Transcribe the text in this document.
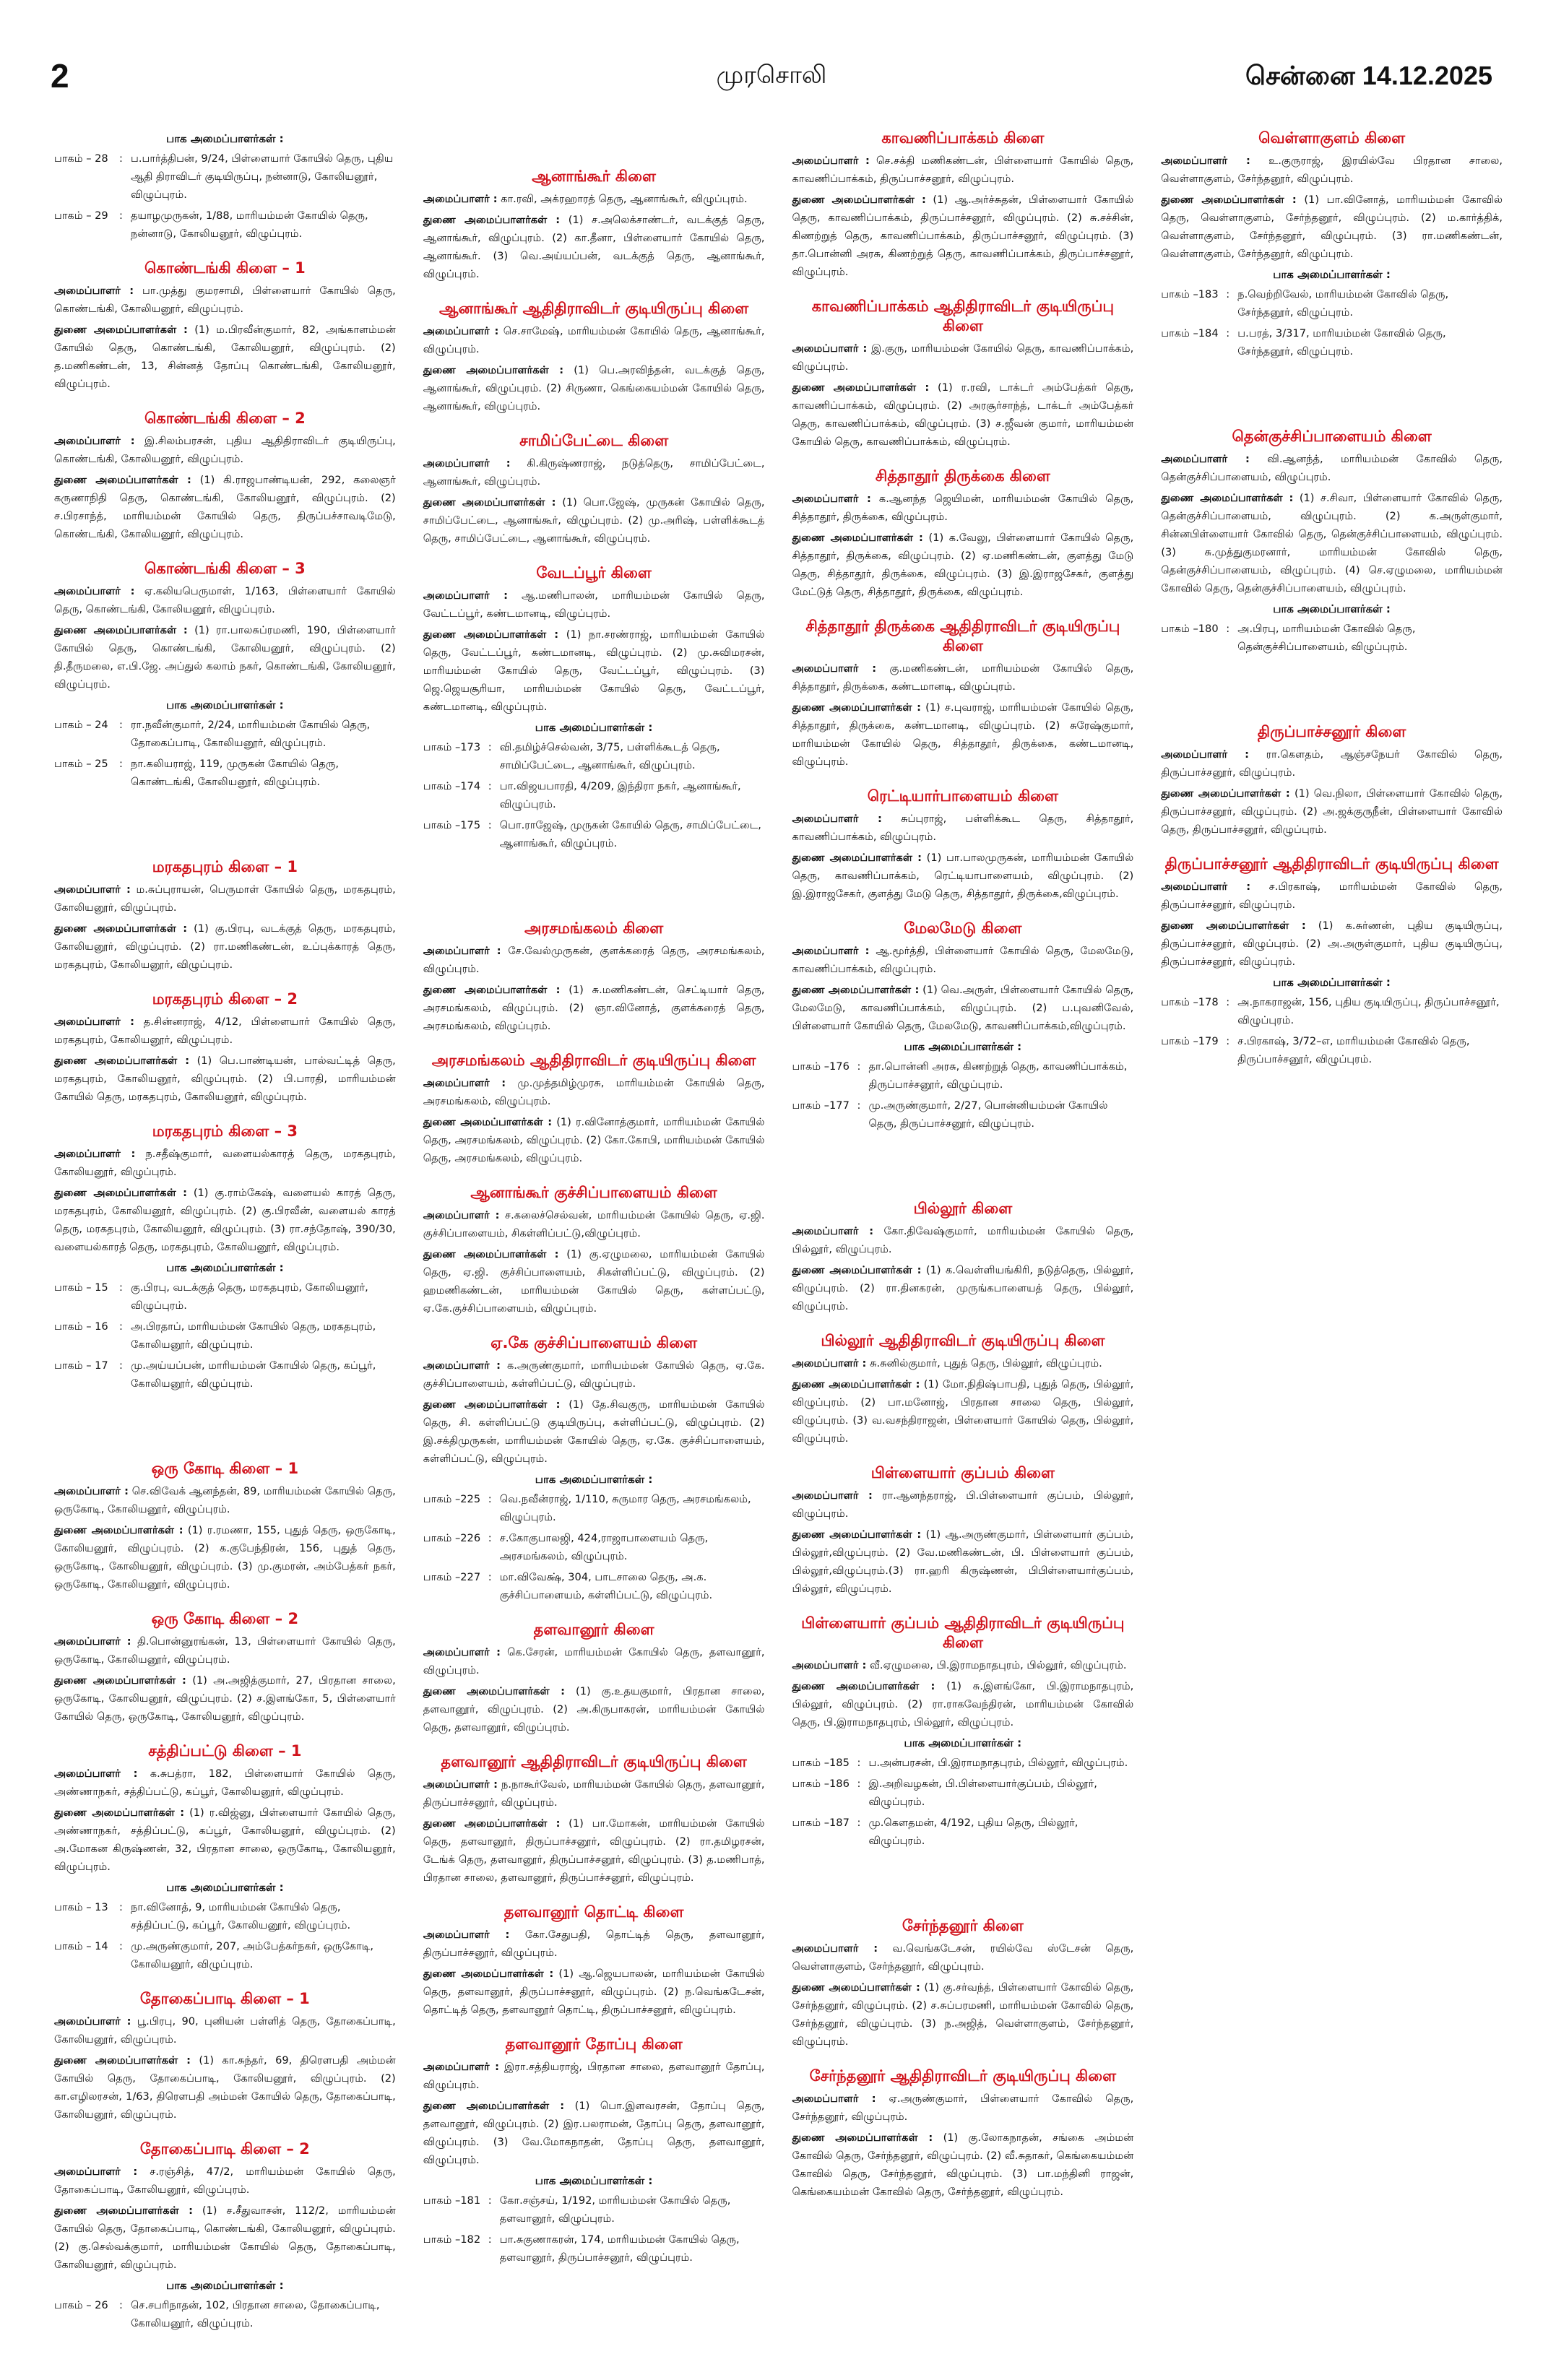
2	முரசொலி	சென்னை 14.12.2025
பாக அமைப்பாளர்கள் :
பாகம் – 28	: ப.பார்த்திபன், 9/24, பிள்ளையார் கோயில் தெரு, புதிய ஆதி திராவிடர் குடியிருப்பு, நன்னாடு, கோலியனூர், விழுப்புரம்.
பாகம் – 29	: தயாழமுருகன், 1/88, மாரியம்மன் கோயில் தெரு, நன்னாடு, கோலியனூர், விழுப்புரம்.
கொண்டங்கி கிளை – 1
அமைப்பாளர் : பா.முத்து குமரசாமி, பிள்ளையார் கோயில் தெரு, கொண்டங்கி, கோலியனூர், விழுப்புரம்.
துணை அமைப்பாளர்கள் : (1) ம.பிரவீன்குமார், 82, அங்காளம்மன் கோயில் தெரு, கொண்டங்கி, கோலியனூர், விழுப்புரம். (2) த.மணிகண்டன், 13, சின்னத் தோப்பு கொண்டங்கி, கோலியனூர், விழுப்புரம்.
கொண்டங்கி கிளை – 2
அமைப்பாளர் : இ.சிலம்பரசன், புதிய ஆதிதிராவிடர் குடியிருப்பு, கொண்டங்கி, கோலியனூர், விழுப்புரம்.
துணை அமைப்பாளர்கள் : (1) கி.ராஜபாண்டியன், 292, கலைஞர் கருணாநிதி தெரு, கொண்டங்கி, கோலியனூர், விழுப்புரம். (2) ச.பிரசாந்த், மாரியம்மன் கோயில் தெரு, திருப்பச்சாவடிமேடு, கொண்டங்கி, கோலியனூர், விழுப்புரம்.
கொண்டங்கி கிளை – 3
அமைப்பாளர் : ஏ.கலியபெருமாள், 1/163, பிள்ளையார் கோயில் தெரு, கொண்டங்கி, கோலியனூர், விழுப்புரம்.
துணை அமைப்பாளர்கள் : (1) ரா.பாலசுப்ரமணி, 190, பிள்ளையார் கோயில் தெரு, கொண்டங்கி, கோலியனூர், விழுப்புரம். (2) தி.தீருமலை, எ.பி.ஜே. அப்துல் கலாம் நகர், கொண்டங்கி, கோலியனூர், விழுப்புரம்.
பாக அமைப்பாளர்கள் :
பாகம் – 24	: ரா.நவீன்குமார், 2/24, மாரியம்மன் கோயில் தெரு, தோகைப்பாடி, கோலியனூர், விழுப்புரம்.
பாகம் – 25	: நா.கலியராஜ், 119, முருகன் கோயில் தெரு, கொண்டங்கி, கோலியனூர், விழுப்புரம்.
மரகதபுரம் கிளை – 1
அமைப்பாளர் : ம.சுப்புராயன், பெருமாள் கோயில் தெரு, மரகதபுரம், கோலியனூர், விழுப்புரம்.
துணை அமைப்பாளர்கள் : (1) கு.பிரபு, வடக்குத் தெரு, மரகதபுரம், கோலியனூர், விழுப்புரம். (2) ரா.மணிகண்டன், உப்புக்காரத் தெரு, மரகதபுரம், கோலியனூர், விழுப்புரம்.
மரகதபுரம் கிளை – 2
அமைப்பாளர் : த.சின்னராஜ், 4/12, பிள்ளையார் கோயில் தெரு, மரகதபுரம், கோலியனூர், விழுப்புரம்.
துணை அமைப்பாளர்கள் : (1) பெ.பாண்டியன், பால்வட்டித் தெரு, மரகதபுரம், கோலியனூர், விழுப்புரம். (2) பி.பாரதி, மாரியம்மன் கோயில் தெரு, மரகதபுரம், கோலியனூர், விழுப்புரம்.
மரகதபுரம் கிளை – 3
அமைப்பாளர் : ந.சதீஷ்குமார், வளையல்காரத் தெரு, மரகதபுரம், கோலியனூர், விழுப்புரம்.
துணை அமைப்பாளர்கள் : (1) கு.ராம்கேஷ், வளையல் காரத் தெரு, மரகதபுரம், கோலியனூர், விழுப்புரம். (2) கு.பிரவீன், வளையல் காரத் தெரு, மரகதபுரம், கோலியனூர், விழுப்புரம். (3) ரா.சந்தோஷ், 390/30, வளையல்காரத் தெரு, மரகதபுரம், கோலியனூர், விழுப்புரம்.
பாக அமைப்பாளர்கள் :
பாகம் – 15	: கு.பிரபு, வடக்குத் தெரு, மரகதபுரம், கோலியனூர், விழுப்புரம்.
பாகம் – 16	: அ.பிரதாப், மாரியம்மன் கோயில் தெரு, மரகதபுரம், கோலியனூர், விழுப்புரம்.
பாகம் – 17	: மு.அய்யப்பன், மாரியம்மன் கோயில் தெரு, கப்பூர், கோலியனூர், விழுப்புரம்.
ஒரு கோடி கிளை – 1
அமைப்பாளர் : செ.விவேக் ஆனந்தன், 89, மாரியம்மன் கோயில் தெரு, ஒருகோடி, கோலியனூர், விழுப்புரம்.
துணை அமைப்பாளர்கள் : (1) ர.ரமணா, 155, புதுத் தெரு, ஒருகோடி, கோலியனூர், விழுப்புரம். (2) க.குபேந்திரன், 156, புதுத் தெரு, ஒருகோடி, கோலியனூர், விழுப்புரம். (3) மு.குமரன், அம்பேத்கர் நகர், ஒருகோடி, கோலியனூர், விழுப்புரம்.
ஒரு கோடி கிளை – 2
அமைப்பாளர் : தி.பொன்னுரங்கன், 13, பிள்ளையார் கோயில் தெரு, ஒருகோடி, கோலியனூர், விழுப்புரம்.
துணை அமைப்பாளர்கள் : (1) அ.அஜித்குமார், 27, பிரதான சாலை, ஒருகோடி, கோலியனூர், விழுப்புரம். (2) ச.இளங்கோ, 5, பிள்ளையார் கோயில் தெரு, ஒருகோடி, கோலியனூர், விழுப்புரம்.
சத்திப்பட்டு கிளை – 1
அமைப்பாளர் : க.சுபத்ரா, 182, பிள்ளையார் கோயில் தெரு, அண்ணாநகர், சத்திப்பட்டு, கப்பூர், கோலியனூர், விழுப்புரம்.
துணை அமைப்பாளர்கள் : (1) ர.விஜ்னு, பிள்ளையார் கோயில் தெரு, அண்ணாநகர், சத்திப்பட்டு, கப்பூர், கோலியனூர், விழுப்புரம். (2) அ.மோகன கிருஷ்ணன், 32, பிரதான சாலை, ஒருகோடி, கோலியனூர், விழுப்புரம்.
பாக அமைப்பாளர்கள் :
பாகம் – 13	: நா.வினோத், 9, மாரியம்மன் கோயில் தெரு, சத்திப்பட்டு, கப்பூர், கோலியனூர், விழுப்புரம்.
பாகம் – 14	: மு.அருண்குமார், 207, அம்பேத்கர்நகர், ஒருகோடி, கோலியனூர், விழுப்புரம்.
தோகைப்பாடி கிளை – 1
அமைப்பாளர் : பூ.பிரபு, 90, புனியன் பள்ளித் தெரு, தோகைப்பாடி, கோலியனூர், விழுப்புரம்.
துணை அமைப்பாளர்கள் : (1) கா.சுந்தர், 69, திரௌபதி அம்மன் கோயில் தெரு, தோகைப்பாடி, கோலியனூர், விழுப்புரம். (2) கா.எழிலரசன், 1/63, திரௌபதி அம்மன் கோயில் தெரு, தோகைப்பாடி, கோலியனூர், விழுப்புரம்.
தோகைப்பாடி கிளை – 2
அமைப்பாளர் : ச.ரஞ்சித், 47/2, மாரியம்மன் கோயில் தெரு, தோகைப்பாடி, கோலியனூர், விழுப்புரம்.
துணை அமைப்பாளர்கள் : (1) ச.சீதுவாசன், 112/2, மாரியம்மன் கோயில் தெரு, தோகைப்பாடி, கொண்டங்கி, கோலியனூர், விழுப்புரம். (2) கு.செல்வக்குமார், மாரியம்மன் கோயில் தெரு, தோகைப்பாடி, கோலியனூர், விழுப்புரம்.
பாக அமைப்பாளர்கள் :
பாகம் – 26	: செ.சபரிநாதன், 102, பிரதான சாலை, தோகைப்பாடி, கோலியனூர், விழுப்புரம்.
ஆனாங்கூர் கிளை
அமைப்பாளர் : கா.ரவி, அக்ரஹாரத் தெரு, ஆனாங்கூர், விழுப்புரம்.
துணை அமைப்பாளர்கள் : (1) ச.அலெக்சாண்டர், வடக்குத் தெரு, ஆனாங்கூர், விழுப்புரம். (2) கா.தீனா, பிள்ளையார் கோயில் தெரு, ஆனாங்கூர். (3) வெ.அய்யப்பன், வடக்குத் தெரு, ஆனாங்கூர், விழுப்புரம்.
ஆனாங்கூர் ஆதிதிராவிடர் குடியிருப்பு கிளை
அமைப்பாளர் : செ.சாமேஷ், மாரியம்மன் கோயில் தெரு, ஆனாங்கூர், விழுப்புரம்.
துணை அமைப்பாளர்கள் : (1) பெ.அரவிந்தன், வடக்குத் தெரு, ஆனாங்கூர், விழுப்புரம். (2) சிருணா, கெங்கையம்மன் கோயில் தெரு, ஆனாங்கூர், விழுப்புரம்.
சாமிப்பேட்டை கிளை
அமைப்பாளர் : கி.கிருஷ்ணராஜ், நடுத்தெரு, சாமிப்பேட்டை, ஆனாங்கூர், விழுப்புரம்.
துணை அமைப்பாளர்கள் : (1) பொ.ஜேஷ், முருகன் கோயில் தெரு, சாமிப்பேட்டை, ஆனாங்கூர், விழுப்புரம். (2) மு.அரிஷ், பள்ளிக்கூடத் தெரு, சாமிப்பேட்டை, ஆனாங்கூர், விழுப்புரம்.
வேடப்பூர் கிளை
அமைப்பாளர் : ஆ.மணிபாலன், மாரியம்மன் கோயில் தெரு, வேட்டப்பூர், கண்டமானடி, விழுப்புரம்.
துணை அமைப்பாளர்கள் : (1) நா.சரண்ராஜ், மாரியம்மன் கோயில் தெரு, வேட்டப்பூர், கண்டமானடி, விழுப்புரம். (2) மு.சுவிமரசன், மாரியம்மன் கோயில் தெரு, வேட்டப்பூர், விழுப்புரம். (3) ஜெ.ஜெயசூரியா, மாரியம்மன் கோயில் தெரு, வேட்டப்பூர், கண்டமானடி, விழுப்புரம்.
பாக அமைப்பாளர்கள் :
பாகம் –173 : வி.தமிழ்ச்செல்வன், 3/75, பள்ளிக்கூடத் தெரு, சாமிப்பேட்டை, ஆனாங்கூர், விழுப்புரம்.
பாகம் –174 : பா.விஜயபாரதி, 4/209, இந்திரா நகர், ஆனாங்கூர், விழுப்புரம்.
பாகம் –175 : பொ.ராஜேஷ், முருகன் கோயில் தெரு, சாமிப்பேட்டை, ஆனாங்கூர், விழுப்புரம்.
அரசமங்கலம் கிளை
அமைப்பாளர் : சே.வேல்முருகன், குளக்கரைத் தெரு, அரசமங்கலம், விழுப்புரம்.
துணை அமைப்பாளர்கள் : (1) சு.மணிகண்டன், செட்டியார் தெரு, அரசமங்கலம், விழுப்புரம். (2) ஞா.வினோத், குளக்கரைத் தெரு, அரசமங்கலம், விழுப்புரம்.
அரசமங்கலம் ஆதிதிராவிடர் குடியிருப்பு கிளை
அமைப்பாளர் : மு.முத்தமிழ்முரசு, மாரியம்மன் கோயில் தெரு, அரசமங்கலம், விழுப்புரம்.
துணை அமைப்பாளர்கள் : (1) ர.வினோத்குமார், மாரியம்மன் கோயில் தெரு, அரசமங்கலம், விழுப்புரம். (2) கோ.கோபி, மாரியம்மன் கோயில் தெரு, அரசமங்கலம், விழுப்புரம்.
ஆனாங்கூர் குச்சிப்பாளையம் கிளை
அமைப்பாளர் : ச.கலைச்செல்வன், மாரியம்மன் கோயில் தெரு, ஏ.ஜி. குச்சிப்பாளையம், சிகள்ளிப்பட்டு,விழுப்புரம்.
துணை அமைப்பாளர்கள் : (1) கு.ஏழுமலை, மாரியம்மன் கோயில் தெரு, ஏ.ஜி. குச்சிப்பாளையம், சிகள்ளிப்பட்டு, விழுப்புரம். (2) ஹமணிகண்டன், மாரியம்மன் கோயில் தெரு, கள்ளப்பட்டு, ஏ.கே.குச்சிப்பாளையம், விழுப்புரம்.
ஏ.கே குச்சிப்பாளையம் கிளை
அமைப்பாளர் : க.அருண்குமார், மாரியம்மன் கோயில் தெரு, ஏ.கே. குச்சிப்பாளையம், கள்ளிப்பட்டு, விழுப்புரம்.
துணை அமைப்பாளர்கள் : (1) தே.சிவகுரு, மாரியம்மன் கோயில் தெரு, சி. கள்ளிப்பட்டு குடியிருப்பு, கள்ளிப்பட்டு, விழுப்புரம். (2) இ.சக்திமுருகன், மாரியம்மன் கோயில் தெரு, ஏ.கே. குச்சிப்பாளையம், கள்ளிப்பட்டு, விழுப்புரம்.
பாக அமைப்பாளர்கள் :
பாகம் –225 : வெ.நவீன்ராஜ், 1/110, சுருமார தெரு, அரசமங்கலம், விழுப்புரம்.
பாகம் –226 : ச.கோகுபாலஜி, 424,ராஜாபாளையம் தெரு, அரசமங்கலம், விழுப்புரம்.
பாகம் –227 : மா.விவேக்ஷ், 304, பாடசாலை தெரு, அ.க. குச்சிப்பாளையம், கள்ளிப்பட்டு, விழுப்புரம்.
தளவானூர் கிளை
அமைப்பாளர் : கெ.சேரன், மாரியம்மன் கோயில் தெரு, தளவானூர், விழுப்புரம்.
துணை அமைப்பாளர்கள் : (1) கு.உதயகுமார், பிரதான சாலை, தளவானூர், விழுப்புரம். (2) அ.கிருபாகரன், மாரியம்மன் கோயில் தெரு, தளவானூர், விழுப்புரம்.
தளவானூர் ஆதிதிராவிடர் குடியிருப்பு கிளை
அமைப்பாளர் : ந.நாகூர்வேல், மாரியம்மன் கோயில் தெரு, தளவானூர், திருப்பாச்சனூர், விழுப்புரம்.
துணை அமைப்பாளர்கள் : (1) பா.மோகன், மாரியம்மன் கோயில் தெரு, தளவானூர், திருப்பாச்சனூர், விழுப்புரம். (2) ரா.தமிழரசன், டேங்க் தெரு, தளவானூர், திருப்பாச்சனூர், விழுப்புரம். (3) த.மணிபாத், பிரதான சாலை, தளவானூர், திருப்பாச்சனூர், விழுப்புரம்.
தளவானூர் தொட்டி கிளை
அமைப்பாளர் : கோ.சேதுபதி, தொட்டித் தெரு, தளவானூர், திருப்பாச்சனூர், விழுப்புரம்.
துணை அமைப்பாளர்கள் : (1) ஆ.ஜெயபாலன், மாரியம்மன் கோயில் தெரு, தளவானூர், திருப்பாச்சனூர், விழுப்புரம். (2) ந.வெங்கடேசன், தொட்டித் தெரு, தளவானூர் தொட்டி, திருப்பாச்சனூர், விழுப்புரம்.
தளவானூர் தோப்பு கிளை
அமைப்பாளர் : இரா.சத்தியராஜ், பிரதான சாலை, தளவானூர் தோப்பு, விழுப்புரம்.
துணை அமைப்பாளர்கள் : (1) பொ.இளவரசன், தோப்பு தெரு, தளவானூர், விழுப்புரம். (2) இர.பலராமன், தோப்பு தெரு, தளவானூர், விழுப்புரம். (3) வே.மோகநாதன், தோப்பு தெரு, தளவானூர், விழுப்புரம்.
பாக அமைப்பாளர்கள் :
பாகம் –181 : கோ.சஞ்சய், 1/192, மாரியம்மன் கோயில் தெரு, தளவானூர், விழுப்புரம்.
பாகம் –182 : பா.சுகுணாகரன், 174, மாரியம்மன் கோயில் தெரு, தளவானூர், திருப்பாச்சனூர், விழுப்புரம்.
காவணிப்பாக்கம் கிளை
அமைப்பாளர் : செ.சக்தி மணிகண்டன், பிள்ளையார் கோயில் தெரு, காவணிப்பாக்கம், திருப்பாச்சனூர், விழுப்புரம்.
துணை அமைப்பாளர்கள் : (1) ஆ.அர்ச்சுதன், பிள்ளையார் கோயில் தெரு, காவணிப்பாக்கம், திருப்பாச்சனூர், விழுப்புரம். (2) சு.சச்சின், கிணற்றுத் தெரு, காவணிப்பாக்கம், திருப்பாச்சனூர், விழுப்புரம். (3) தா.பொன்னி அரசு, கிணற்றுத் தெரு, காவணிப்பாக்கம், திருப்பாச்சனூர், விழுப்புரம்.
காவணிப்பாக்கம் ஆதிதிராவிடர் குடியிருப்பு கிளை
அமைப்பாளர் : இ.குரு, மாரியம்மன் கோயில் தெரு, காவணிப்பாக்கம், விழுப்புரம்.
துணை அமைப்பாளர்கள் : (1) ர.ரவி, டாக்டர் அம்பேத்கர் தெரு, காவணிப்பாக்கம், விழுப்புரம். (2) அரசூர்சாந்த், டாக்டர் அம்பேத்கர் தெரு, காவணிப்பாக்கம், விழுப்புரம். (3) ச.ஜீவன் குமார், மாரியம்மன் கோயில் தெரு, காவணிப்பாக்கம், விழுப்புரம்.
சித்தாதூர் திருக்கை கிளை
அமைப்பாளர் : க.ஆனந்த ஜெயிமன், மாரியம்மன் கோயில் தெரு, சித்தாதூர், திருக்கை, விழுப்புரம்.
துணை அமைப்பாளர்கள் : (1) க.வேலு, பிள்ளையார் கோயில் தெரு, சித்தாதூர், திருக்கை, விழுப்புரம். (2) ஏ.மணிகண்டன், குளத்து மேடு தெரு, சித்தாதூர், திருக்கை, விழுப்புரம். (3) இ.இராஜசேகர், குளத்து மேட்டுத் தெரு, சித்தாதூர், திருக்கை, விழுப்புரம்.
சித்தாதூர் திருக்கை ஆதிதிராவிடர் குடியிருப்பு கிளை
அமைப்பாளர் : கு.மணிகண்டன், மாரியம்மன் கோயில் தெரு, சித்தாதூர், திருக்கை, கண்டமானடி, விழுப்புரம்.
துணை அமைப்பாளர்கள் : (1) ச.புவராஜ், மாரியம்மன் கோயில் தெரு, சித்தாதூர், திருக்கை, கண்டமானடி, விழுப்புரம். (2) சுரேஷ்குமார், மாரியம்மன் கோயில் தெரு, சித்தாதூர், திருக்கை, கண்டமானடி, விழுப்புரம்.
ரெட்டியார்பாளையம் கிளை
அமைப்பாளர் : சுப்புராஜ், பள்ளிக்கூட தெரு, சித்தாதூர், காவணிப்பாக்கம், விழுப்புரம்.
துணை அமைப்பாளர்கள் : (1) பா.பாலமுருகன், மாரியம்மன் கோயில் தெரு, காவணிப்பாக்கம், ரெட்டியாபாளையம், விழுப்புரம். (2) இ.இராஜசேகர், குளத்து மேடு தெரு, சித்தாதூர், திருக்கை,விழுப்புரம்.
மேலமேடு கிளை
அமைப்பாளர் : ஆ.மூர்த்தி, பிள்ளையார் கோயில் தெரு, மேலமேடு, காவணிப்பாக்கம், விழுப்புரம்.
துணை அமைப்பாளர்கள் : (1) வெ.அருள், பிள்ளையார் கோயில் தெரு, மேலமேடு, காவணிப்பாக்கம், விழுப்புரம். (2) ப.புவனிவேல், பிள்ளையார் கோயில் தெரு, மேலமேடு, காவணிப்பாக்கம்,விழுப்புரம்.
பாக அமைப்பாளர்கள் :
பாகம் –176 : தா.பொன்னி அரசு, கிணற்றுத் தெரு, காவணிப்பாக்கம், திருப்பாச்சனூர், விழுப்புரம்.
பாகம் –177 : மு.அருண்குமார், 2/27, பொன்னியம்மன் கோயில் தெரு, திருப்பாச்சனூர், விழுப்புரம்.
பில்லூர் கிளை
அமைப்பாளர் : கோ.திவேஷ்குமார், மாரியம்மன் கோயில் தெரு, பில்லூர், விழுப்புரம்.
துணை அமைப்பாளர்கள் : (1) க.வெள்ளியங்கிரி, நடுத்தெரு, பில்லூர், விழுப்புரம். (2) ரா.தினகரன், முருங்கபாளையத் தெரு, பில்லூர், விழுப்புரம்.
பில்லூர் ஆதிதிராவிடர் குடியிருப்பு கிளை
அமைப்பாளர் : சு.சுனில்குமார், புதுத் தெரு, பில்லூர், விழுப்புரம்.
துணை அமைப்பாளர்கள் : (1) மோ.நிதிஷ்பாபதி, புதுத் தெரு, பில்லூர், விழுப்புரம். (2) பா.மனோஜ், பிரதான சாலை தெரு, பில்லூர், விழுப்புரம். (3) வ.வசந்திராஜன், பிள்ளையார் கோயில் தெரு, பில்லூர், விழுப்புரம்.
பிள்ளையார் குப்பம் கிளை
அமைப்பாளர் : ரா.ஆனந்தராஜ், பி.பிள்ளையார் குப்பம், பில்லூர், விழுப்புரம்.
துணை அமைப்பாளர்கள் : (1) ஆ.அருண்குமார், பிள்ளையார் குப்பம், பில்லூர்,விழுப்புரம். (2) வே.மணிகண்டன், பி. பிள்ளையார் குப்பம், பில்லூர்,விழுப்புரம்.(3) ரா.ஹரி கிருஷ்ணன், பிபிள்ளையார்குப்பம், பில்லூர், விழுப்புரம்.
பிள்ளையார் குப்பம் ஆதிதிராவிடர் குடியிருப்பு கிளை
அமைப்பாளர் : வீ.ஏழுமலை, பி.இராமநாதபுரம், பில்லூர், விழுப்புரம்.
துணை அமைப்பாளர்கள் : (1) சு.இளங்கோ, பி.இராமநாதபுரம், பில்லூர், விழுப்புரம். (2) ரா.ராகவேந்திரன், மாரியம்மன் கோவில் தெரு, பி.இராமநாதபுரம், பில்லூர், விழுப்புரம்.
பாக அமைப்பாளர்கள் :
பாகம் –185 : ப.அன்பரசன், பி.இராமநாதபுரம், பில்லூர், விழுப்புரம்.
பாகம் –186 : இ.அறிவழகன், பி.பிள்ளையார்குப்பம், பில்லூர், விழுப்புரம்.
பாகம் –187 : மு.கௌதமன், 4/192, புதிய தெரு, பில்லூர், விழுப்புரம்.
சேர்ந்தனூர் கிளை
அமைப்பாளர் : வ.வெங்கடேசன், ரயில்வே ஸ்டேசன் தெரு, வெள்ளாகுளம், சேர்ந்தனூர், விழுப்புரம்.
துணை அமைப்பாளர்கள் : (1) கு.சர்வந்த், பிள்ளையார் கோவில் தெரு, சேர்ந்தனூர், விழுப்புரம். (2) ச.சுப்பரமணி, மாரியம்மன் கோவில் தெரு, சேர்ந்தனூர், விழுப்புரம். (3) ந.அஜித், வெள்ளாகுளம், சேர்ந்தனூர், விழுப்புரம்.
சேர்ந்தனூர் ஆதிதிராவிடர் குடியிருப்பு கிளை
அமைப்பாளர் : ஏ.அருண்குமார், பிள்ளையார் கோவில் தெரு, சேர்ந்தனூர், விழுப்புரம்.
துணை அமைப்பாளர்கள் : (1) கு.லோகநாதன், சங்கை அம்மன் கோவில் தெரு, சேர்ந்தனூர், விழுப்புரம். (2) வீ.சுதாகர், கெங்கையம்மன் கோவில் தெரு, சேர்ந்தனூர், விழுப்புரம். (3) பா.மந்தினி ராஜன், கெங்கையம்மன் கோவில் தெரு, சேர்ந்தனூர், விழுப்புரம்.
வெள்ளாகுளம் கிளை
அமைப்பாளர் : உ.குருராஜ், இரயில்வே பிரதான சாலை, வெள்ளாகுளம், சேர்ந்தனூர், விழுப்புரம்.
துணை அமைப்பாளர்கள் : (1) பா.வினோத், மாரியம்மன் கோவில் தெரு, வெள்ளாகுளம், சேர்ந்தனூர், விழுப்புரம். (2) ம.கார்த்திக், வெள்ளாகுளம், சேர்ந்தனூர், விழுப்புரம். (3) ரா.மணிகண்டன், வெள்ளாகுளம், சேர்ந்தனூர், விழுப்புரம்.
பாக அமைப்பாளர்கள் :
பாகம் –183 : ந.வெற்றிவேல், மாரியம்மன் கோவில் தெரு, சேர்ந்தனூர், விழுப்புரம்.
பாகம் –184 : ப.பரத், 3/317, மாரியம்மன் கோவில் தெரு, சேர்ந்தனூர், விழுப்புரம்.
தென்குச்சிப்பாளையம் கிளை
அமைப்பாளர் : வி.ஆனந்த், மாரியம்மன் கோவில் தெரு, தென்குச்சிப்பாளையம், விழுப்புரம்.
துணை அமைப்பாளர்கள் : (1) ச.சிவா, பிள்ளையார் கோவில் தெரு, தென்குச்சிப்பாளையம், விழுப்புரம். (2) க.அருள்குமார், சின்னபிள்ளையார் கோவில் தெரு, தென்குச்சிப்பாளையம், விழுப்புரம். (3) சு.முத்துகுமரனார், மாரியம்மன் கோவில் தெரு, தென்குச்சிப்பாளையம், விழுப்புரம். (4) செ.ஏழுமலை, மாரியம்மன் கோவில் தெரு, தென்குச்சிப்பாளையம், விழுப்புரம்.
பாக அமைப்பாளர்கள் :
பாகம் –180 : அ.பிரபு, மாரியம்மன் கோவில் தெரு, தென்குச்சிப்பாளையம், விழுப்புரம்.
திருப்பாச்சனூர் கிளை
அமைப்பாளர் : ரா.கௌதம், ஆஞ்சநேயர் கோவில் தெரு, திருப்பாச்சனூர், விழுப்புரம்.
துணை அமைப்பாளர்கள் : (1) வெ.நிலா, பிள்ளையார் கோவில் தெரு, திருப்பாச்சனூர், விழுப்புரம். (2) அ.ஜக்குருநீன், பிள்ளையார் கோவில் தெரு, திருப்பாச்சனூர், விழுப்புரம்.
திருப்பாச்சனூர் ஆதிதிராவிடர் குடியிருப்பு கிளை
அமைப்பாளர் : ச.பிரகாஷ், மாரியம்மன் கோவில் தெரு, திருப்பாச்சனூர், விழுப்புரம்.
துணை அமைப்பாளர்கள் : (1) க.சுர்ணன், புதிய குடியிருப்பு, திருப்பாச்சனூர், விழுப்புரம். (2) அ.அருள்குமார், புதிய குடியிருப்பு, திருப்பாச்சனூர், விழுப்புரம்.
பாக அமைப்பாளர்கள் :
பாகம் –178 : அ.நாகராஜன், 156, புதிய குடியிருப்பு, திருப்பாச்சனூர், விழுப்புரம்.
பாகம் –179 : ச.பிரகாஷ், 3/72–எ, மாரியம்மன் கோவில் தெரு, திருப்பாச்சனூர், விழுப்புரம்.
